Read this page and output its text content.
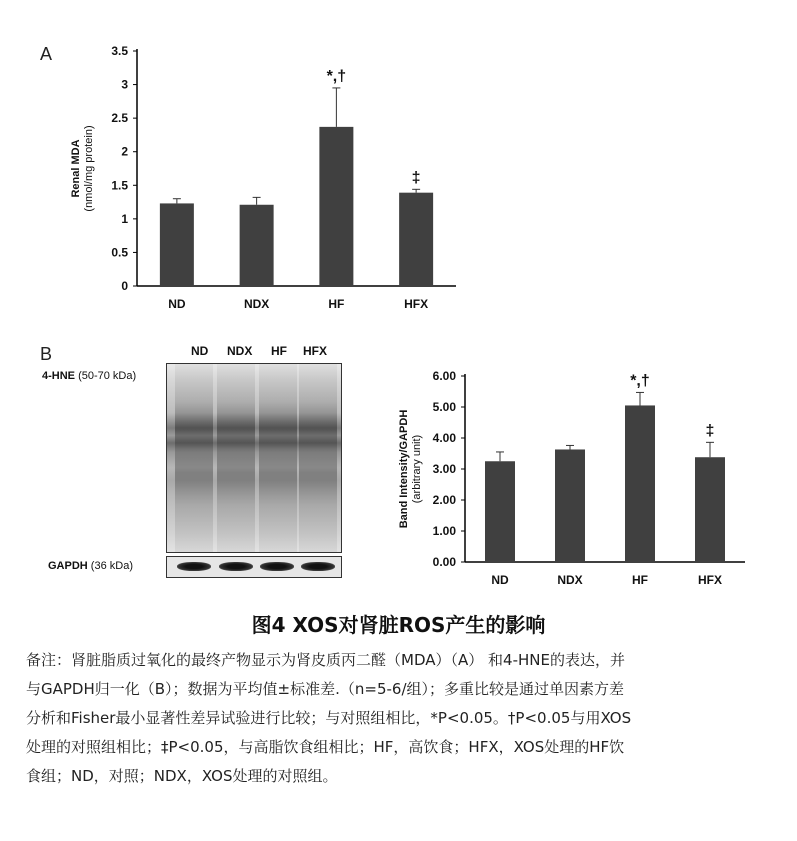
A
B
0
0.5
1
1.5
2
2.5
3
3.5
Renal MDA (nmol/mg protein)
ND	NDX
*,†
HF
‡
HFX
ND NDX HF HFX
4-HNE (50-70 kDa)
GAPDH (36 kDa)	0.00
1.00
2.00
3.00
4.00
5.00
6.00
Band Intensity/GAPDH (arbitrary unit)
ND	NDX
*,†
HF
‡
HFX
图4 XOS对肾脏ROS产生的影响
备注：肾脏脂质过氧化的最终产物显示为肾皮质丙二醛（MDA）（A） 和4-HNE的表达，并
与GAPDH归一化（B）；数据为平均值±标准差.（n=5-6/组）；多重比较是通过单因素方差
分析和Fisher最小显著性差异试验进行比较；与对照组相比，*P<0.05。†P<0.05与用XOS
处理的对照组相比；‡P<0.05，与高脂饮食组相比；HF，高饮食；HFX，XOS处理的HF饮
食组；ND，对照；NDX，XOS处理的对照组。
